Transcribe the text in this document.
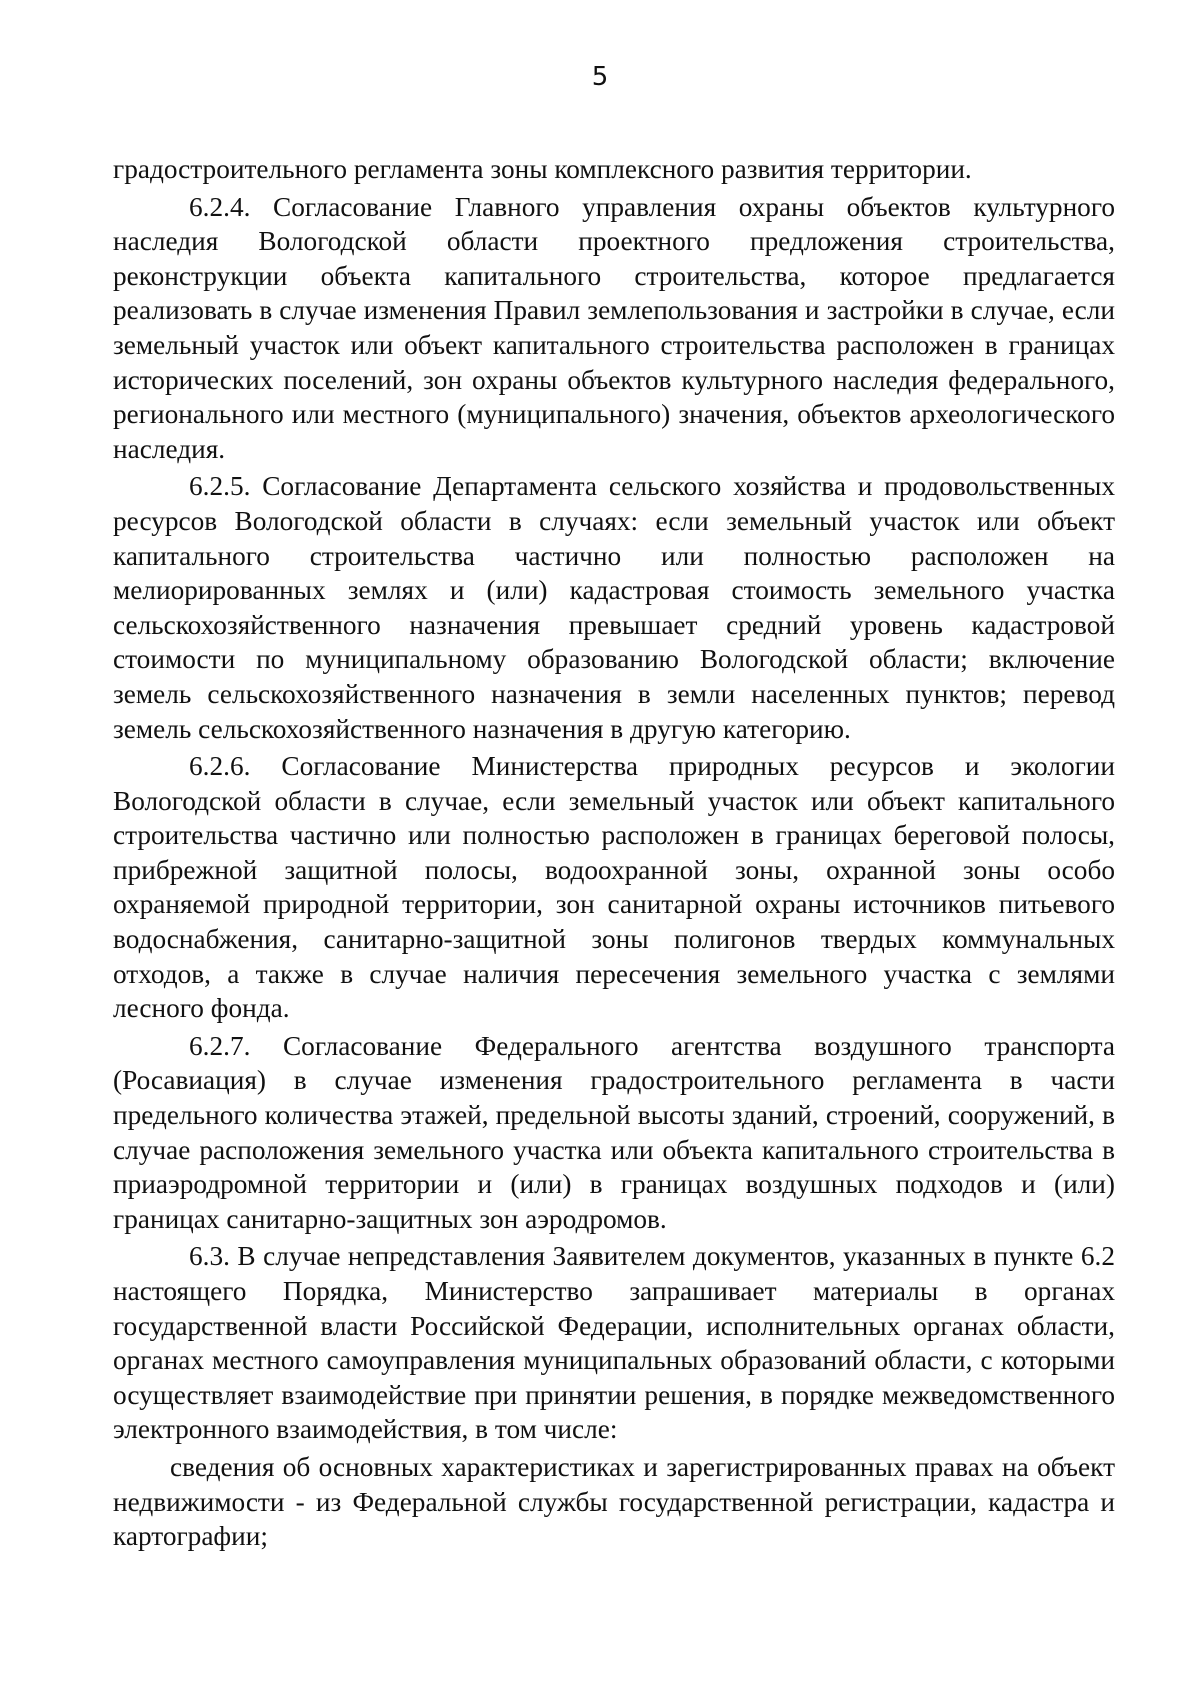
5

градостроительного регламента зоны комплексного развития территории.

6.2.4. Согласование Главного управления охраны объектов культурного наследия Вологодской области проектного предложения строительства, реконструкции объекта капитального строительства, которое предлагается реализовать в случае изменения Правил землепользования и застройки в случае, если земельный участок или объект капитального строительства расположен в границах исторических поселений, зон охраны объектов культурного наследия федерального, регионального или местного (муниципального) значения, объектов археологического наследия.

6.2.5. Согласование Департамента сельского хозяйства и продовольственных ресурсов Вологодской области в случаях: если земельный участок или объект капитального строительства частично или полностью расположен на мелиорированных землях и (или) кадастровая стоимость земельного участка сельскохозяйственного назначения превышает средний уровень кадастровой стоимости по муниципальному образованию Вологодской области; включение земель сельскохозяйственного назначения в земли населенных пунктов; перевод земель сельскохозяйственного назначения в другую категорию.

6.2.6. Согласование Министерства природных ресурсов и экологии Вологодской области в случае, если земельный участок или объект капитального строительства частично или полностью расположен в границах береговой полосы, прибрежной защитной полосы, водоохранной зоны, охранной зоны особо охраняемой природной территории, зон санитарной охраны источников питьевого водоснабжения, санитарно-защитной зоны полигонов твердых коммунальных отходов, а также в случае наличия пересечения земельного участка с землями лесного фонда.

6.2.7. Согласование Федерального агентства воздушного транспорта (Росавиация) в случае изменения градостроительного регламента в части предельного количества этажей, предельной высоты зданий, строений, сооружений, в случае расположения земельного участка или объекта капитального строительства в приаэродромной территории и (или) в границах воздушных подходов и (или) границах санитарно-защитных зон аэродромов.

6.3. В случае непредставления Заявителем документов, указанных в пункте 6.2 настоящего Порядка, Министерство запрашивает материалы в органах государственной власти Российской Федерации, исполнительных органах области, органах местного самоуправления муниципальных образований области, с которыми осуществляет взаимодействие при принятии решения, в порядке межведомственного электронного взаимодействия, в том числе:

сведения об основных характеристиках и зарегистрированных правах на объект недвижимости - из Федеральной службы государственной регистрации, кадастра и картографии;
